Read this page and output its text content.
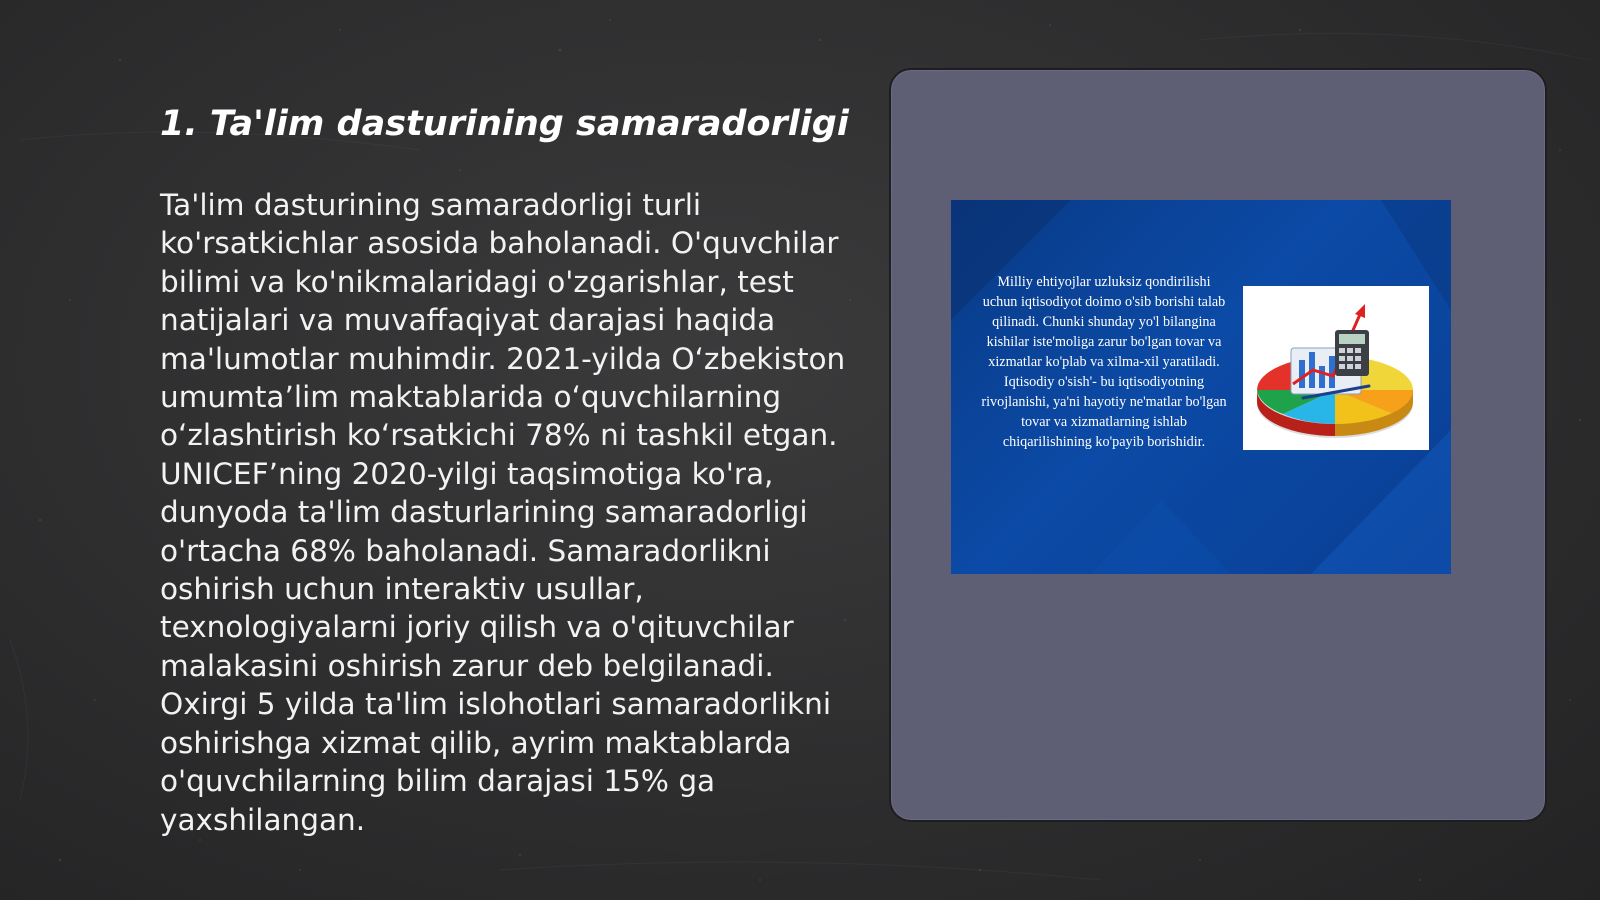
1. Ta'lim dasturining samaradorligi
Ta'lim dasturining samaradorligi turli ko'rsatkichlar asosida baholanadi. O'quvchilar bilimi va ko'nikmalaridagi o'zgarishlar, test natijalari va muvaffaqiyat darajasi haqida ma'lumotlar muhimdir. 2021-yilda O‘zbekiston umumta’lim maktablarida o‘quvchilarning o‘zlashtirish ko‘rsatkichi 78% ni tashkil etgan. UNICEF’ning 2020-yilgi taqsimotiga ko'ra, dunyoda ta'lim dasturlarining samaradorligi o'rtacha 68% baholanadi. Samaradorlikni oshirish uchun interaktiv usullar, texnologiyalarni joriy qilish va o'qituvchilar malakasini oshirish zarur deb belgilanadi. Oxirgi 5 yilda ta'lim islohotlari samaradorlikni oshirishga xizmat qilib, ayrim maktablarda o'quvchilarning bilim darajasi 15% ga yaxshilangan.
Milliy ehtiyojlar uzluksiz qondirilishi uchun iqtisodiyot doimo o'sib borishi talab qilinadi. Chunki shunday yo'l bilangina kishilar iste'moliga zarur bo'lgan tovar va xizmatlar ko'plab va xilma-xil yaratiladi. Iqtisodiy o'sish'- bu iqtisodiyotning rivojlanishi, ya'ni hayotiy ne'matlar bo'lgan tovar va xizmatlarning ishlab chiqarilishining ko'payib borishidir.
